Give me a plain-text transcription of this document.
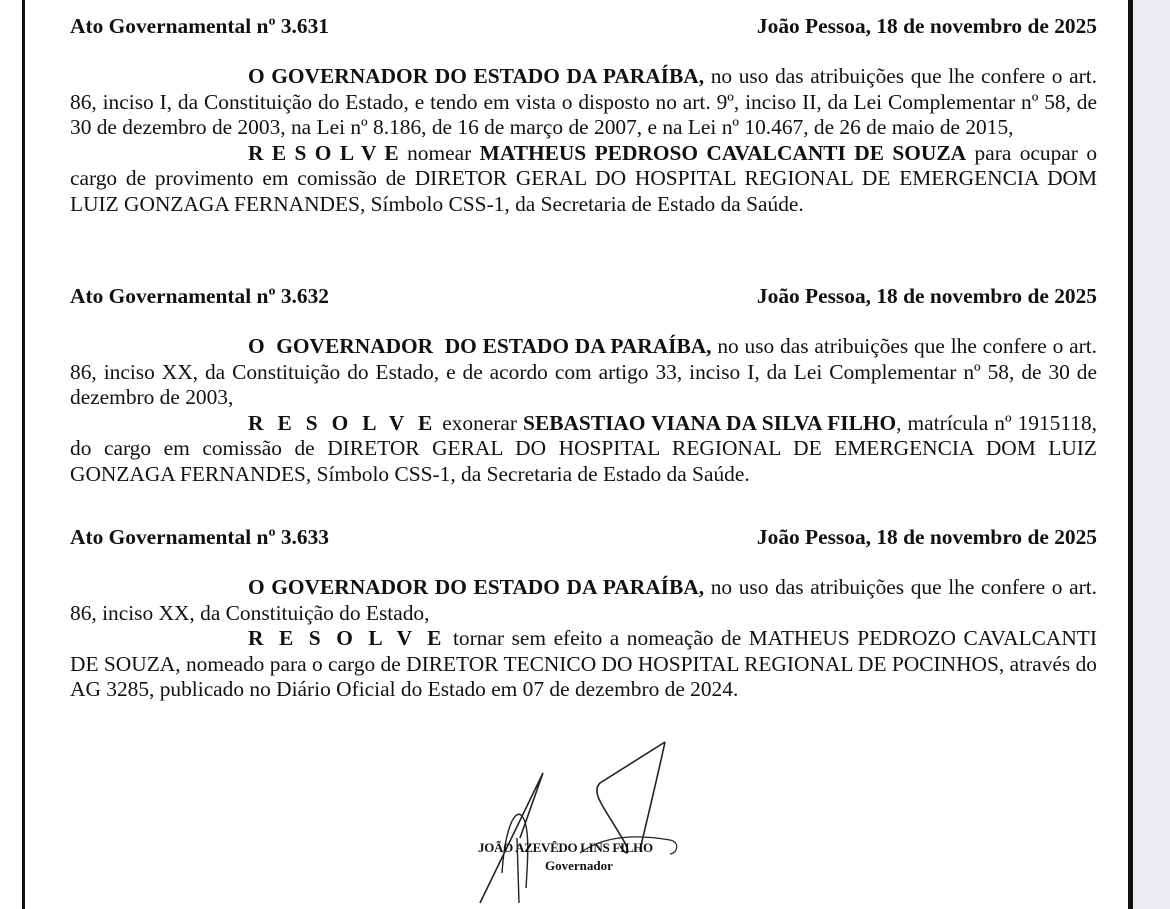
Ato Governamental nº 3.631	João Pessoa, 18 de novembro de 2025

O GOVERNADOR DO ESTADO DA PARAÍBA, no uso das atribuições que lhe confere o art. 86, inciso I, da Constituição do Estado, e tendo em vista o disposto no art. 9º, inciso II, da Lei Complementar nº 58, de 30 de dezembro de 2003, na Lei nº 8.186, de 16 de março de 2007, e na Lei nº 10.467, de 26 de maio de 2015,

R E S O L V E nomear MATHEUS PEDROSO CAVALCANTI DE SOUZA para ocupar o cargo de provimento em comissão de DIRETOR GERAL DO HOSPITAL REGIONAL DE EMERGENCIA DOM LUIZ GONZAGA FERNANDES, Símbolo CSS-1, da Secretaria de Estado da Saúde.

Ato Governamental nº 3.632	João Pessoa, 18 de novembro de 2025

O  GOVERNADOR  DO ESTADO DA PARAÍBA, no uso das atribuições que lhe confere o art. 86, inciso XX, da Constituição do Estado, e de acordo com artigo 33, inciso I, da Lei Complementar nº 58, de 30 de dezembro de 2003,

R E S O L V E exonerar SEBASTIAO VIANA DA SILVA FILHO, matrícula nº 1915118, do cargo em comissão de DIRETOR GERAL DO HOSPITAL REGIONAL DE EMERGENCIA DOM LUIZ GONZAGA FERNANDES, Símbolo CSS-1, da Secretaria de Estado da Saúde.

Ato Governamental nº 3.633	João Pessoa, 18 de novembro de 2025

O GOVERNADOR DO ESTADO DA PARAÍBA, no uso das atribuições que lhe confere o art. 86, inciso XX, da Constituição do Estado,

R E S O L V E tornar sem efeito a nomeação de MATHEUS PEDROZO CAVALCANTI DE SOUZA, nomeado para o cargo de DIRETOR TECNICO DO HOSPITAL REGIONAL DE POCINHOS, através do AG 3285, publicado no Diário Oficial do Estado em 07 de dezembro de 2024.

JOÃO AZEVÊDO LINS FILHO
Governador
